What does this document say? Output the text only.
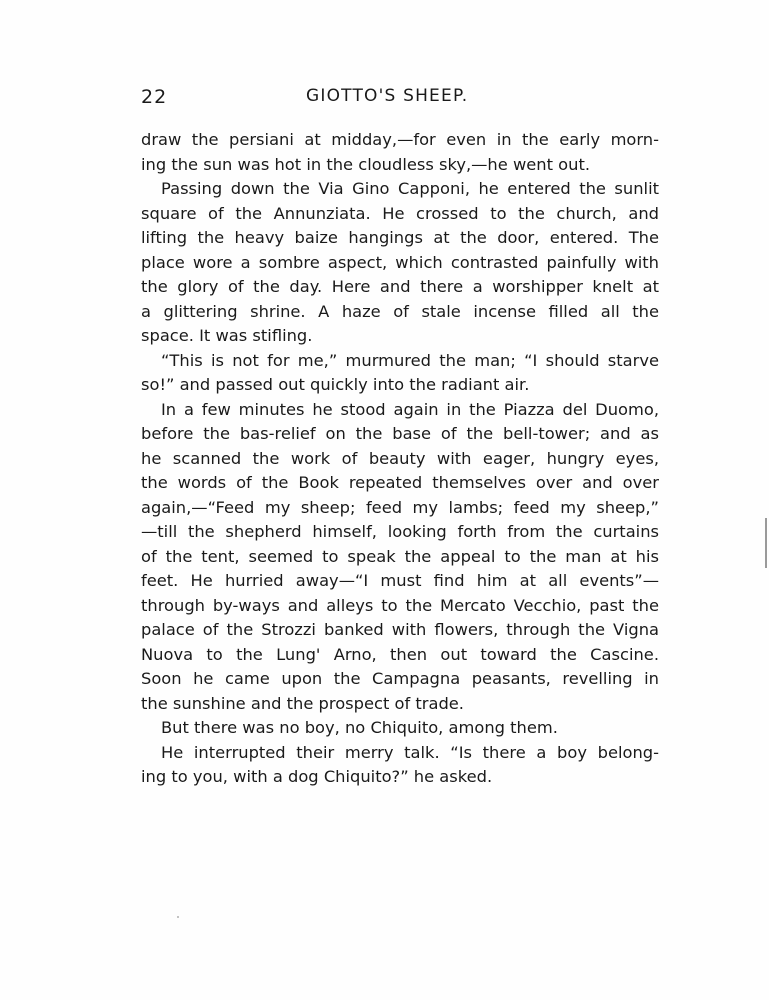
22	GIOTTO'S SHEEP.
draw the persiani at midday,—for even in the early morn-
ing the sun was hot in the cloudless sky,—he went out.
Passing down the Via Gino Capponi, he entered the sunlit
square of the Annunziata. He crossed to the church, and
lifting the heavy baize hangings at the door, entered. The
place wore a sombre aspect, which contrasted painfully with
the glory of the day. Here and there a worshipper knelt at
a glittering shrine. A haze of stale incense filled all the
space. It was stifling.
“This is not for me,” murmured the man; “I should starve
so!” and passed out quickly into the radiant air.
In a few minutes he stood again in the Piazza del Duomo,
before the bas-relief on the base of the bell-tower; and as
he scanned the work of beauty with eager, hungry eyes,
the words of the Book repeated themselves over and over
again,—“Feed my sheep; feed my lambs; feed my sheep,”
—till the shepherd himself, looking forth from the curtains
of the tent, seemed to speak the appeal to the man at his
feet. He hurried away—“I must find him at all events”—
through by-ways and alleys to the Mercato Vecchio, past the
palace of the Strozzi banked with flowers, through the Vigna
Nuova to the Lung' Arno, then out toward the Cascine.
Soon he came upon the Campagna peasants, revelling in
the sunshine and the prospect of trade.
But there was no boy, no Chiquito, among them.
He interrupted their merry talk. “Is there a boy belong-
ing to you, with a dog Chiquito?” he asked.
